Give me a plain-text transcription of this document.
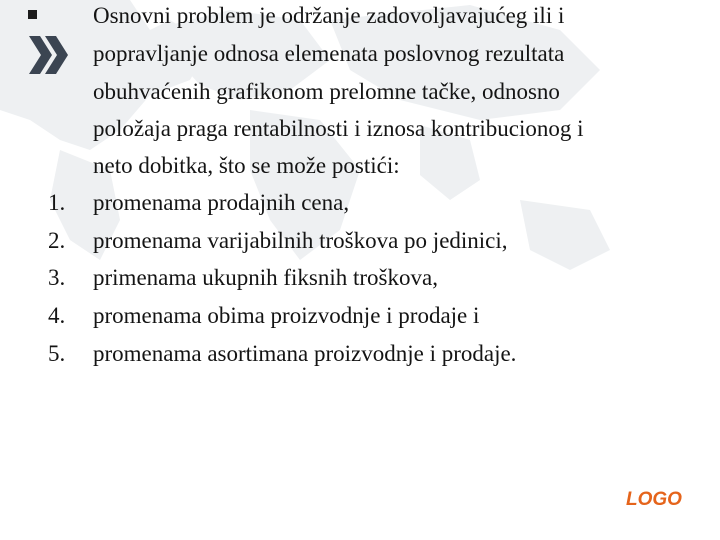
Osnovni problem je održanje zadovoljavajućeg ili i
popravljanje odnosa elemenata poslovnog rezultata
obuhvaćenih grafikonom prelomne tačke, odnosno
položaja praga rentabilnosti i iznosa kontribucionog i
neto dobitka, što se može postići:
1.	promenama prodajnih cena,
2.	promenama varijabilnih troškova po jedinici,
3.	primenama ukupnih fiksnih troškova,
4.	promenama obima proizvodnje i prodaje i
5.	promenama asortimana proizvodnje i prodaje.
LOGO
